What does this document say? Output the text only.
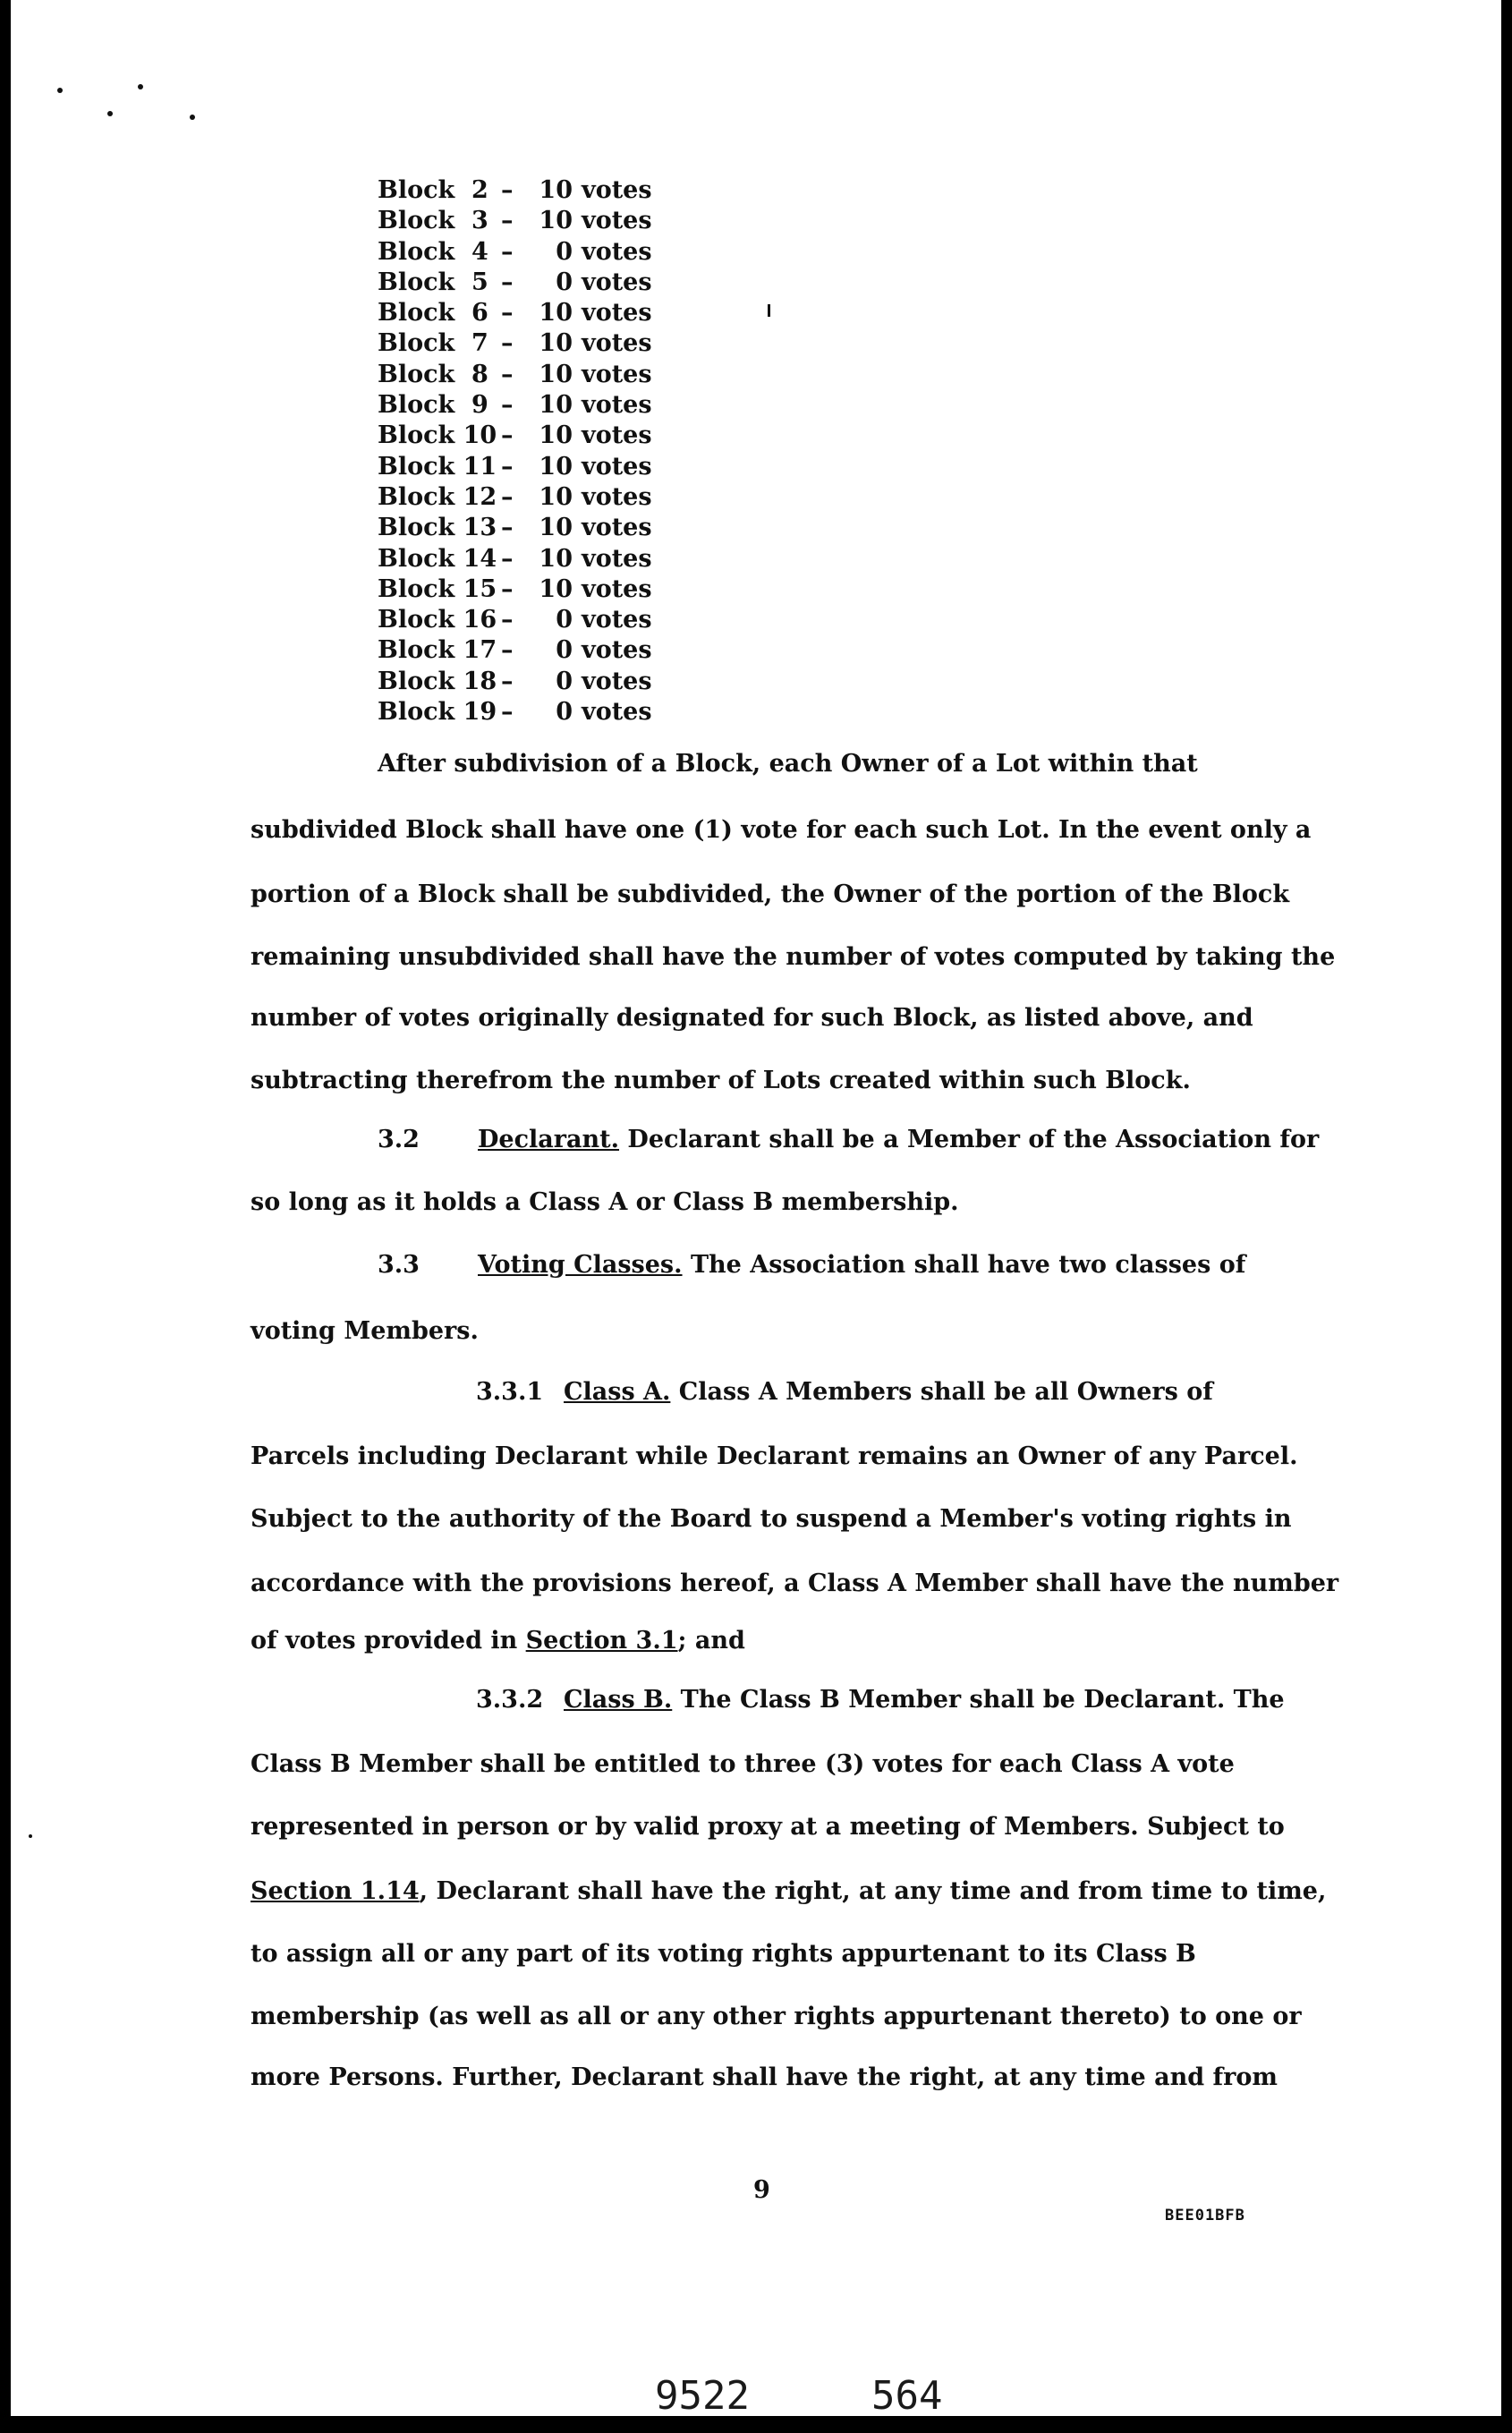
Block  2 –	10 votes
Block  3 –	10 votes
Block  4 –	0 votes
Block  5 –	0 votes
Block  6 –	10 votes
Block  7 –	10 votes
Block  8 –	10 votes
Block  9 –	10 votes
Block 10 –	10 votes
Block 11 –	10 votes
Block 12 –	10 votes
Block 13 –	10 votes
Block 14 –	10 votes
Block 15 –	10 votes
Block 16 –	0 votes
Block 17 –	0 votes
Block 18 –	0 votes
Block 19 –	0 votes
After subdivision of a Block, each Owner of a Lot within that
subdivided Block shall have one (1) vote for each such Lot. In the event only a
portion of a Block shall be subdivided, the Owner of the portion of the Block
remaining unsubdivided shall have the number of votes computed by taking the
number of votes originally designated for such Block, as listed above, and
subtracting therefrom the number of Lots created within such Block.
3.2 Declarant. Declarant shall be a Member of the Association for
so long as it holds a Class A or Class B membership.
3.3 Voting Classes. The Association shall have two classes of
voting Members.
3.3.1 Class A. Class A Members shall be all Owners of
Parcels including Declarant while Declarant remains an Owner of any Parcel.
Subject to the authority of the Board to suspend a Member's voting rights in
accordance with the provisions hereof, a Class A Member shall have the number
of votes provided in Section 3.1; and
3.3.2 Class B. The Class B Member shall be Declarant. The
Class B Member shall be entitled to three (3) votes for each Class A vote
represented in person or by valid proxy at a meeting of Members. Subject to
Section 1.14, Declarant shall have the right, at any time and from time to time,
to assign all or any part of its voting rights appurtenant to its Class B
membership (as well as all or any other rights appurtenant thereto) to one or
more Persons. Further, Declarant shall have the right, at any time and from
9
BEE01BFB
9522	564
